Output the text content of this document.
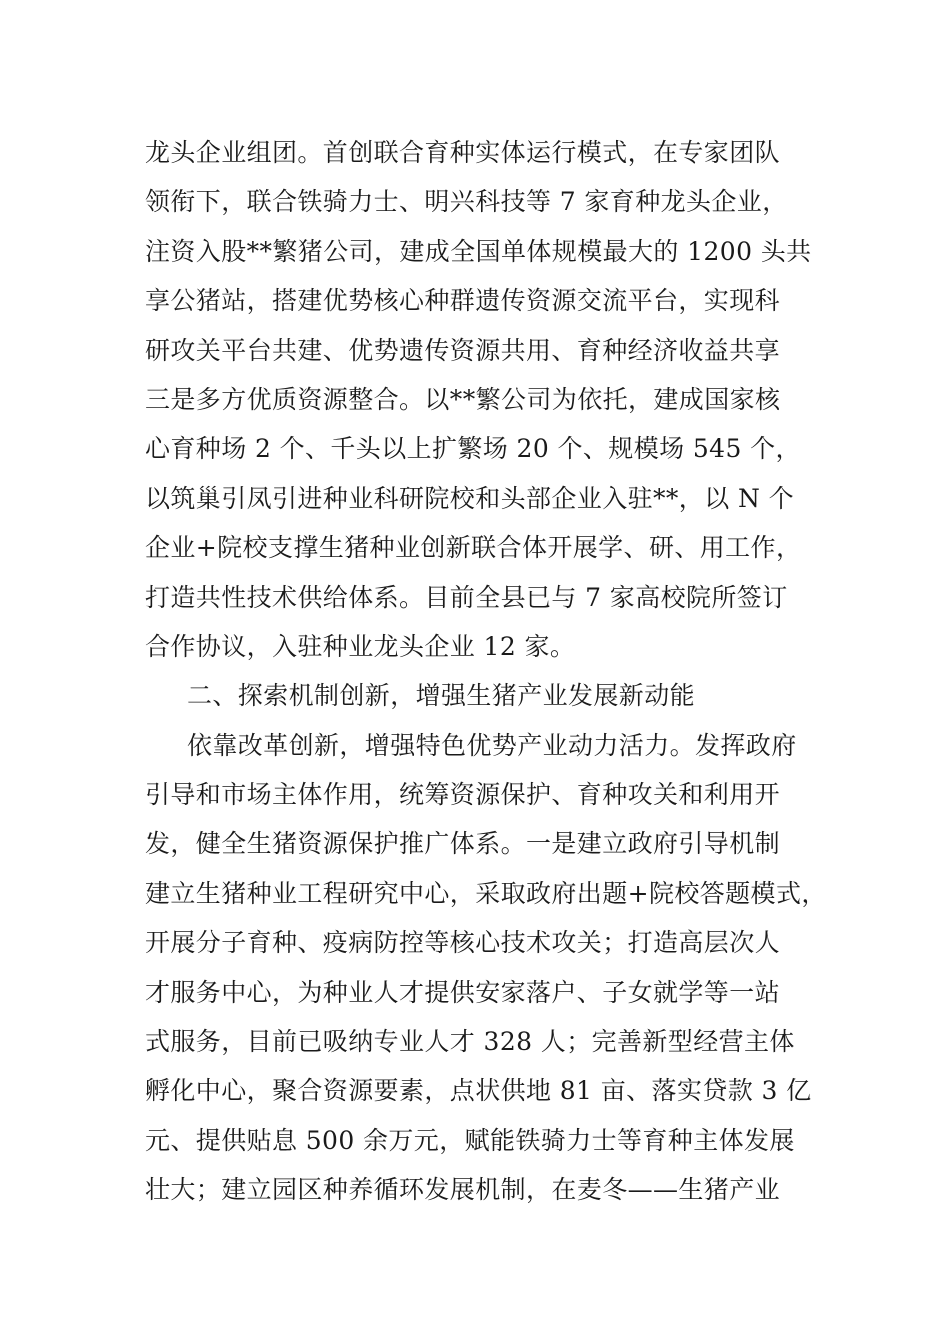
龙头企业组团。首创联合育种实体运行模式，在专家团队
领衔下，联合铁骑力士、明兴科技等 7 家育种龙头企业，
注资入股**繁猪公司，建成全国单体规模最大的 1200 头共
享公猪站，搭建优势核心种群遗传资源交流平台，实现科
研攻关平台共建、优势遗传资源共用、育种经济收益共享
三是多方优质资源整合。以**繁公司为依托，建成国家核
心育种场 2 个、千头以上扩繁场 20 个、规模场 545 个，
以筑巢引凤引进种业科研院校和头部企业入驻**，以 N 个
企业+院校支撑生猪种业创新联合体开展学、研、用工作，
打造共性技术供给体系。目前全县已与 7 家高校院所签订
合作协议，入驻种业龙头企业 12 家。
二、探索机制创新，增强生猪产业发展新动能
依靠改革创新，增强特色优势产业动力活力。发挥政府
引导和市场主体作用，统筹资源保护、育种攻关和利用开
发，健全生猪资源保护推广体系。一是建立政府引导机制
建立生猪种业工程研究中心，采取政府出题+院校答题模式，
开展分子育种、疫病防控等核心技术攻关；打造高层次人
才服务中心，为种业人才提供安家落户、子女就学等一站
式服务，目前已吸纳专业人才 328 人；完善新型经营主体
孵化中心，聚合资源要素，点状供地 81 亩、落实贷款 3 亿
元、提供贴息 500 余万元，赋能铁骑力士等育种主体发展
壮大；建立园区种养循环发展机制，在麦冬——生猪产业
